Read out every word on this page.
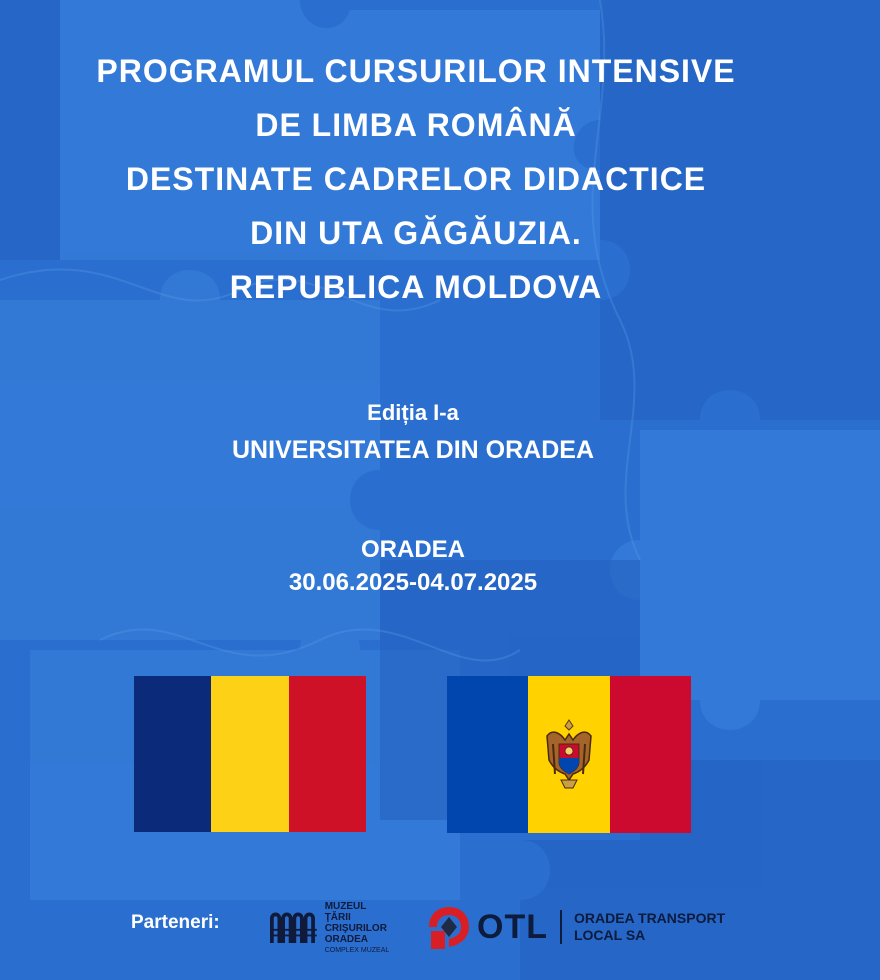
PROGRAMUL CURSURILOR INTENSIVE
DE LIMBA ROMÂNĂ
DESTINATE CADRELOR DIDACTICE
DIN UTA GĂGĂUZIA.
REPUBLICA MOLDOVA
Ediția I-a
UNIVERSITATEA DIN ORADEA
ORADEA
30.06.2025-04.07.2025
Parteneri:
MUZEUL
ŢĂRII CRIŞURILOR
ORADEA
COMPLEX MUZEAL
OTL ORADEA TRANSPORT
LOCAL SA
